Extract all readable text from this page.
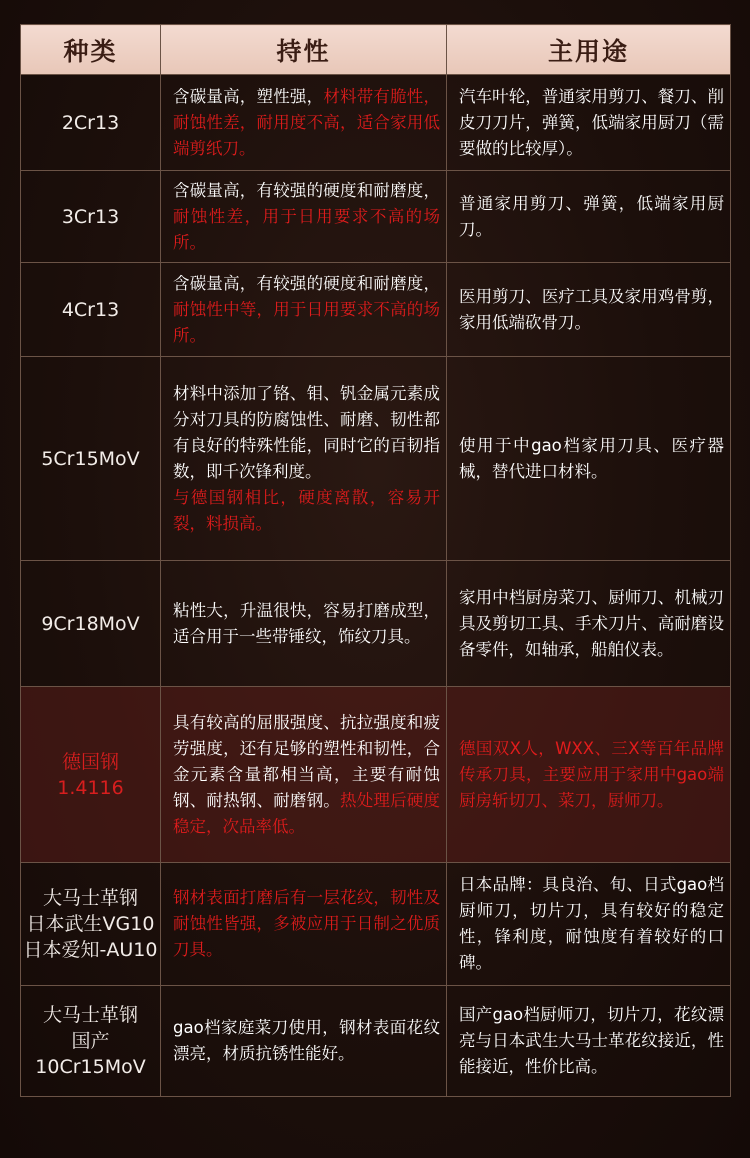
种类	持性	主用途

2Cr13	含碳量高，塑性强，材料带有脆性，耐蚀性差，耐用度不高，适合家用低端剪纸刀。	汽车叶轮，普通家用剪刀、餐刀、削皮刀刀片，弹簧，低端家用厨刀（需要做的比较厚）。

3Cr13	含碳量高，有较强的硬度和耐磨度，耐蚀性差，用于日用要求不高的场所。	普通家用剪刀、弹簧，低端家用厨刀。

4Cr13	含碳量高，有较强的硬度和耐磨度，耐蚀性中等，用于日用要求不高的场所。	医用剪刀、医疗工具及家用鸡骨剪，家用低端砍骨刀。

5Cr15MoV	材料中添加了铬、钼、钒金属元素成分对刀具的防腐蚀性、耐磨、韧性都有良好的特殊性能，同时它的百韧指数，即千次锋利度。
与德国钢相比，硬度离散，容易开裂，料损高。	使用于中gao档家用刀具、医疗器械，替代进口材料。

9Cr18MoV	粘性大，升温很快，容易打磨成型，适合用于一些带锤纹，饰纹刀具。	家用中档厨房菜刀、厨师刀、机械刃具及剪切工具、手术刀片、高耐磨设备零件，如轴承，船舶仪表。

德国钢
1.4116	具有较高的屈服强度、抗拉强度和疲劳强度，还有足够的塑性和韧性，合金元素含量都相当高，主要有耐蚀钢、耐热钢、耐磨钢。热处理后硬度稳定，次品率低。	德国双X人，WXX、三X等百年品牌传承刀具，主要应用于家用中gao端厨房斩切刀、菜刀，厨师刀。

大马士革钢
日本武生VG10
日本爱知-AU10	钢材表面打磨后有一层花纹，韧性及耐蚀性皆强，多被应用于日制之优质刀具。	日本品牌：具良治、旬、日式gao档厨师刀，切片刀，具有较好的稳定性，锋利度，耐蚀度有着较好的口碑。

大马士革钢
国产10Cr15MoV	gao档家庭菜刀使用，钢材表面花纹漂亮，材质抗锈性能好。	国产gao档厨师刀，切片刀，花纹漂亮与日本武生大马士革花纹接近，性能接近，性价比高。
